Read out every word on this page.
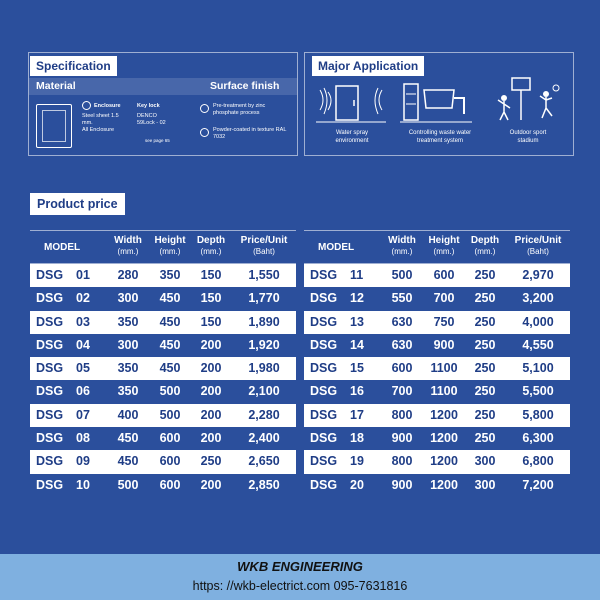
Specification
Material	Surface finish
Enclosure
Steel sheet 1.5
mm.
All Enclosure
Key lock
DENCO
59Lock - 02
see page 65
Pre-treatment by zinc
phosphate process
Powder-coated in texture RAL
7032
Major Application
Water spray
environment
Controlling waste water
treatment system
Outdoor sport
stadium
Product price
MODEL
Width
(mm.)
Height
(mm.)
Depth
(mm.)
Price/Unit
(Baht)
DSG 01	280	350	150	1,550
DSG 02	300	450	150	1,770
DSG 03	350	450	150	1,890
DSG 04	300	450	200	1,920
DSG 05	350	450	200	1,980
DSG 06	350	500	200	2,100
DSG 07	400	500	200	2,280
DSG 08	450	600	200	2,400
DSG 09	450	600	250	2,650
DSG 10	500	600	200	2,850
MODEL
Width
(mm.)
Height
(mm.)
Depth
(mm.)
Price/Unit
(Baht)
DSG 11	500	600	250	2,970
DSG 12	550	700	250	3,200
DSG 13	630	750	250	4,000
DSG 14	630	900	250	4,550
DSG 15	600	1100	250	5,100
DSG 16	700	1100	250	5,500
DSG 17	800	1200	250	5,800
DSG 18	900	1200	250	6,300
DSG 19	800	1200	300	6,800
DSG 20	900	1200	300	7,200
WKB ENGINEERING
https: //wkb-electrict.com 095-7631816
